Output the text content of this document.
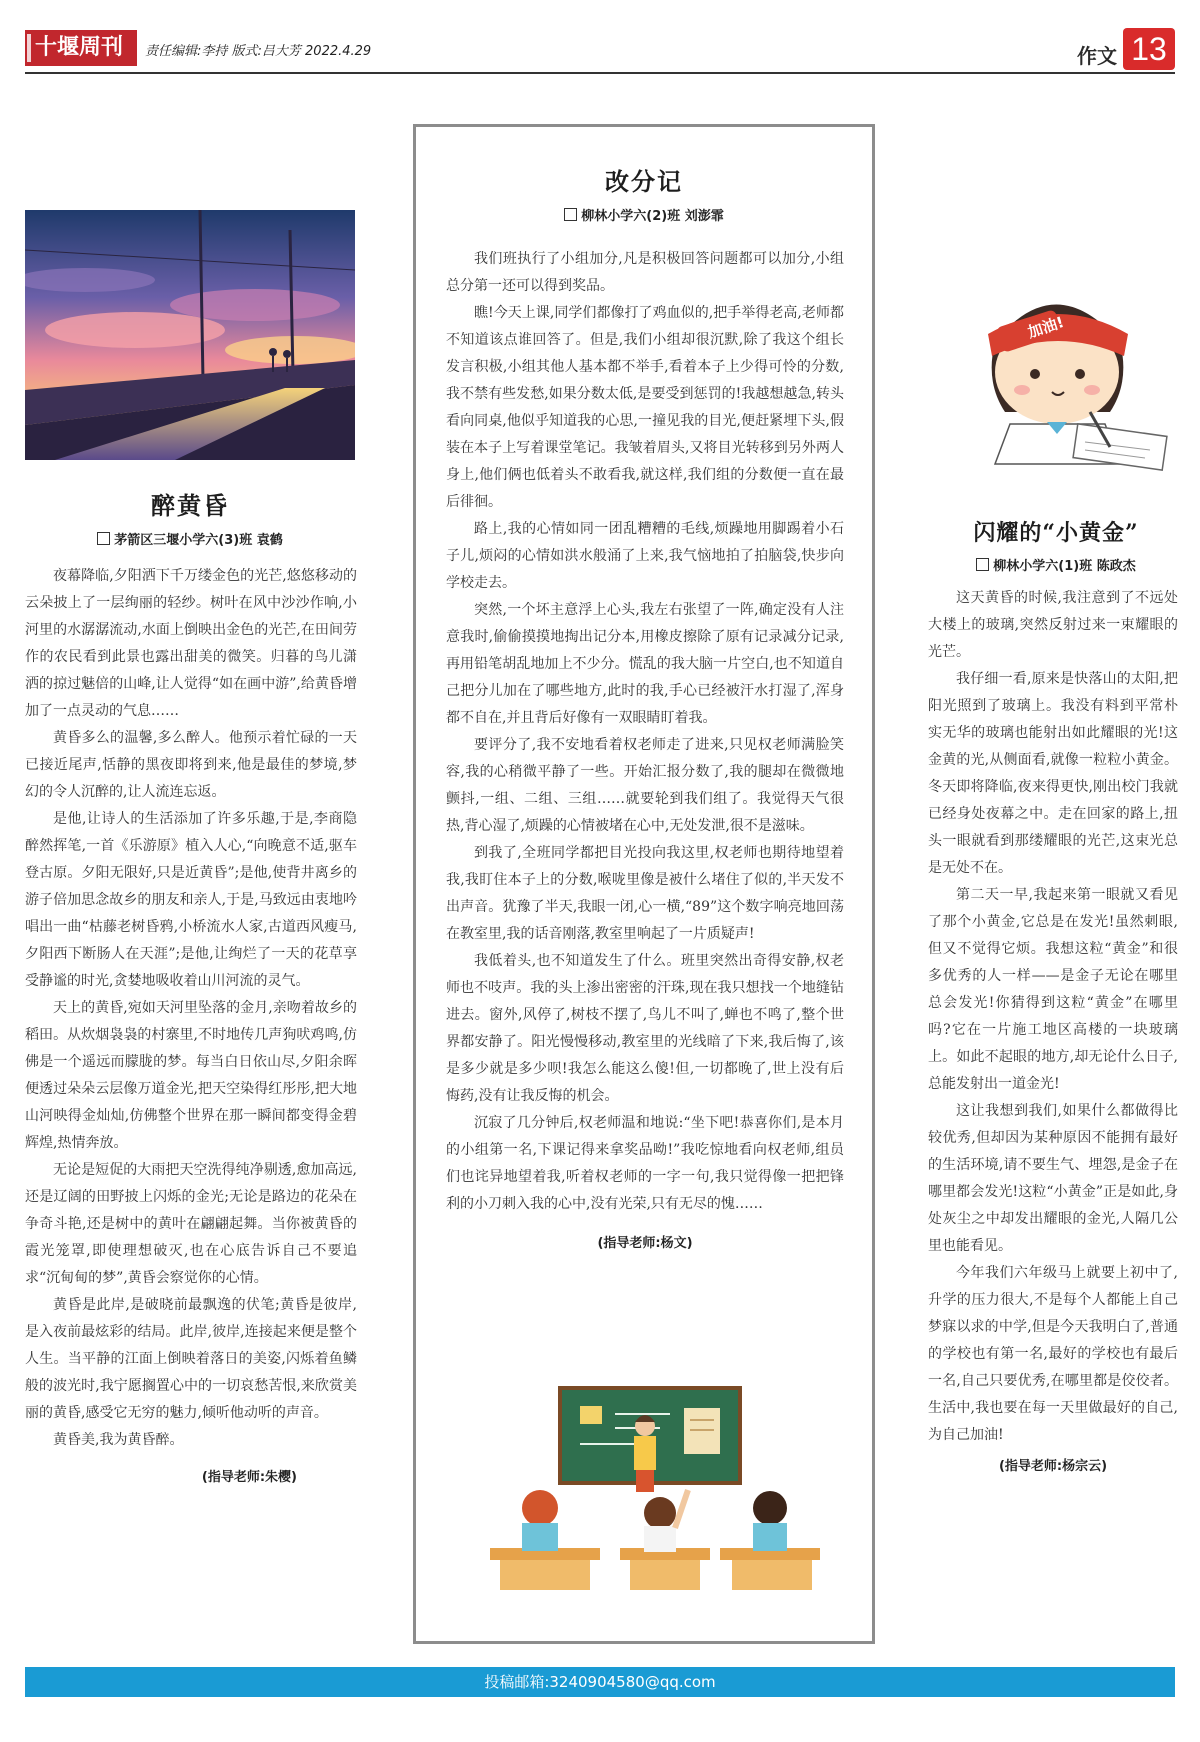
十堰周刊	责任编辑:李持 版式:吕大芳 2022.4.29	作文 13
醉黄昏
茅箭区三堰小学六(3)班 袁鹤

夜幕降临,夕阳洒下千万缕金色的光芒,悠悠移动的云朵披上了一层绚丽的轻纱。树叶在风中沙沙作响,小河里的水潺潺流动,水面上倒映出金色的光芒,在田间劳作的农民看到此景也露出甜美的微笑。归暮的鸟儿潇洒的掠过魅倍的山峰,让人觉得“如在画中游”,给黄昏增加了一点灵动的气息……

黄昏多么的温馨,多么醉人。他预示着忙碌的一天已接近尾声,恬静的黑夜即将到来,他是最佳的梦境,梦幻的令人沉醉的,让人流连忘返。

是他,让诗人的生活添加了许多乐趣,于是,李商隐醉然挥笔,一首《乐游原》植入人心,“向晚意不适,驱车登古原。夕阳无限好,只是近黄昏”;是他,使背井离乡的游子倍加思念故乡的朋友和亲人,于是,马致远由衷地吟唱出一曲“枯藤老树昏鸦,小桥流水人家,古道西风瘦马,夕阳西下断肠人在天涯”;是他,让绚烂了一天的花草享受静谧的时光,贪婪地吸收着山川河流的灵气。

天上的黄昏,宛如天河里坠落的金月,亲吻着故乡的稻田。从炊烟袅袅的村寨里,不时地传几声狗吠鸡鸣,仿佛是一个遥远而朦胧的梦。每当白日依山尽,夕阳余晖便透过朵朵云层像万道金光,把天空染得红彤彤,把大地山河映得金灿灿,仿佛整个世界在那一瞬间都变得金碧辉煌,热情奔放。

无论是短促的大雨把天空洗得纯净剔透,愈加高远,还是辽阔的田野披上闪烁的金光;无论是路边的花朵在争奇斗艳,还是树中的黄叶在翩翩起舞。当你被黄昏的霞光笼罩,即使理想破灭,也在心底告诉自己不要追求“沉甸甸的梦”,黄昏会察觉你的心情。

黄昏是此岸,是破晓前最飘逸的伏笔;黄昏是彼岸,是入夜前最炫彩的结局。此岸,彼岸,连接起来便是整个人生。当平静的江面上倒映着落日的美姿,闪烁着鱼鳞般的波光时,我宁愿搁置心中的一切哀愁苦恨,来欣赏美丽的黄昏,感受它无穷的魅力,倾听他动听的声音。

黄昏美,我为黄昏醉。

(指导老师:朱樱)
改分记
柳林小学六(2)班 刘澎霏

我们班执行了小组加分,凡是积极回答问题都可以加分,小组总分第一还可以得到奖品。

瞧!今天上课,同学们都像打了鸡血似的,把手举得老高,老师都不知道该点谁回答了。但是,我们小组却很沉默,除了我这个组长发言积极,小组其他人基本都不举手,看着本子上少得可怜的分数,我不禁有些发愁,如果分数太低,是要受到惩罚的!我越想越急,转头看向同桌,他似乎知道我的心思,一撞见我的目光,便赶紧埋下头,假装在本子上写着课堂笔记。我皱着眉头,又将目光转移到另外两人身上,他们俩也低着头不敢看我,就这样,我们组的分数便一直在最后徘徊。

路上,我的心情如同一团乱糟糟的毛线,烦躁地用脚踢着小石子儿,烦闷的心情如洪水般涌了上来,我气恼地拍了拍脑袋,快步向学校走去。

突然,一个坏主意浮上心头,我左右张望了一阵,确定没有人注意我时,偷偷摸摸地掏出记分本,用橡皮擦除了原有记录减分记录,再用铅笔胡乱地加上不少分。慌乱的我大脑一片空白,也不知道自己把分儿加在了哪些地方,此时的我,手心已经被汗水打湿了,浑身都不自在,并且背后好像有一双眼睛盯着我。

要评分了,我不安地看着权老师走了进来,只见权老师满脸笑容,我的心稍微平静了一些。开始汇报分数了,我的腿却在微微地颤抖,一组、二组、三组……就要轮到我们组了。我觉得天气很热,背心湿了,烦躁的心情被堵在心中,无处发泄,很不是滋味。

到我了,全班同学都把目光投向我这里,权老师也期待地望着我,我盯住本子上的分数,喉咙里像是被什么堵住了似的,半天发不出声音。犹豫了半天,我眼一闭,心一横,“89”这个数字响亮地回荡在教室里,我的话音刚落,教室里响起了一片质疑声!

我低着头,也不知道发生了什么。班里突然出奇得安静,权老师也不吱声。我的头上渗出密密的汗珠,现在我只想找一个地缝钻进去。窗外,风停了,树枝不摆了,鸟儿不叫了,蝉也不鸣了,整个世界都安静了。阳光慢慢移动,教室里的光线暗了下来,我后悔了,该是多少就是多少呗!我怎么能这么傻!但,一切都晚了,世上没有后悔药,没有让我反悔的机会。

沉寂了几分钟后,权老师温和地说:“坐下吧!恭喜你们,是本月的小组第一名,下课记得来拿奖品呦!”我吃惊地看向权老师,组员们也诧异地望着我,听着权老师的一字一句,我只觉得像一把把锋利的小刀刺入我的心中,没有光荣,只有无尽的愧……

(指导老师:杨文)
加油!
闪耀的“小黄金”
柳林小学六(1)班 陈政杰

这天黄昏的时候,我注意到了不远处大楼上的玻璃,突然反射过来一束耀眼的光芒。

我仔细一看,原来是快落山的太阳,把阳光照到了玻璃上。我没有料到平常朴实无华的玻璃也能射出如此耀眼的光!这金黄的光,从侧面看,就像一粒粒小黄金。冬天即将降临,夜来得更快,刚出校门我就已经身处夜幕之中。走在回家的路上,扭头一眼就看到那缕耀眼的光芒,这束光总是无处不在。

第二天一早,我起来第一眼就又看见了那个小黄金,它总是在发光!虽然刺眼,但又不觉得它烦。我想这粒“黄金”和很多优秀的人一样——是金子无论在哪里总会发光!你猜得到这粒“黄金”在哪里吗?它在一片施工地区高楼的一块玻璃上。如此不起眼的地方,却无论什么日子,总能发射出一道金光!

这让我想到我们,如果什么都做得比较优秀,但却因为某种原因不能拥有最好的生活环境,请不要生气、埋怨,是金子在哪里都会发光!这粒“小黄金”正是如此,身处灰尘之中却发出耀眼的金光,人隔几公里也能看见。

今年我们六年级马上就要上初中了,升学的压力很大,不是每个人都能上自己梦寐以求的中学,但是今天我明白了,普通的学校也有第一名,最好的学校也有最后一名,自己只要优秀,在哪里都是佼佼者。生活中,我也要在每一天里做最好的自己,为自己加油!

(指导老师:杨宗云)
投稿邮箱:3240904580@qq.com
